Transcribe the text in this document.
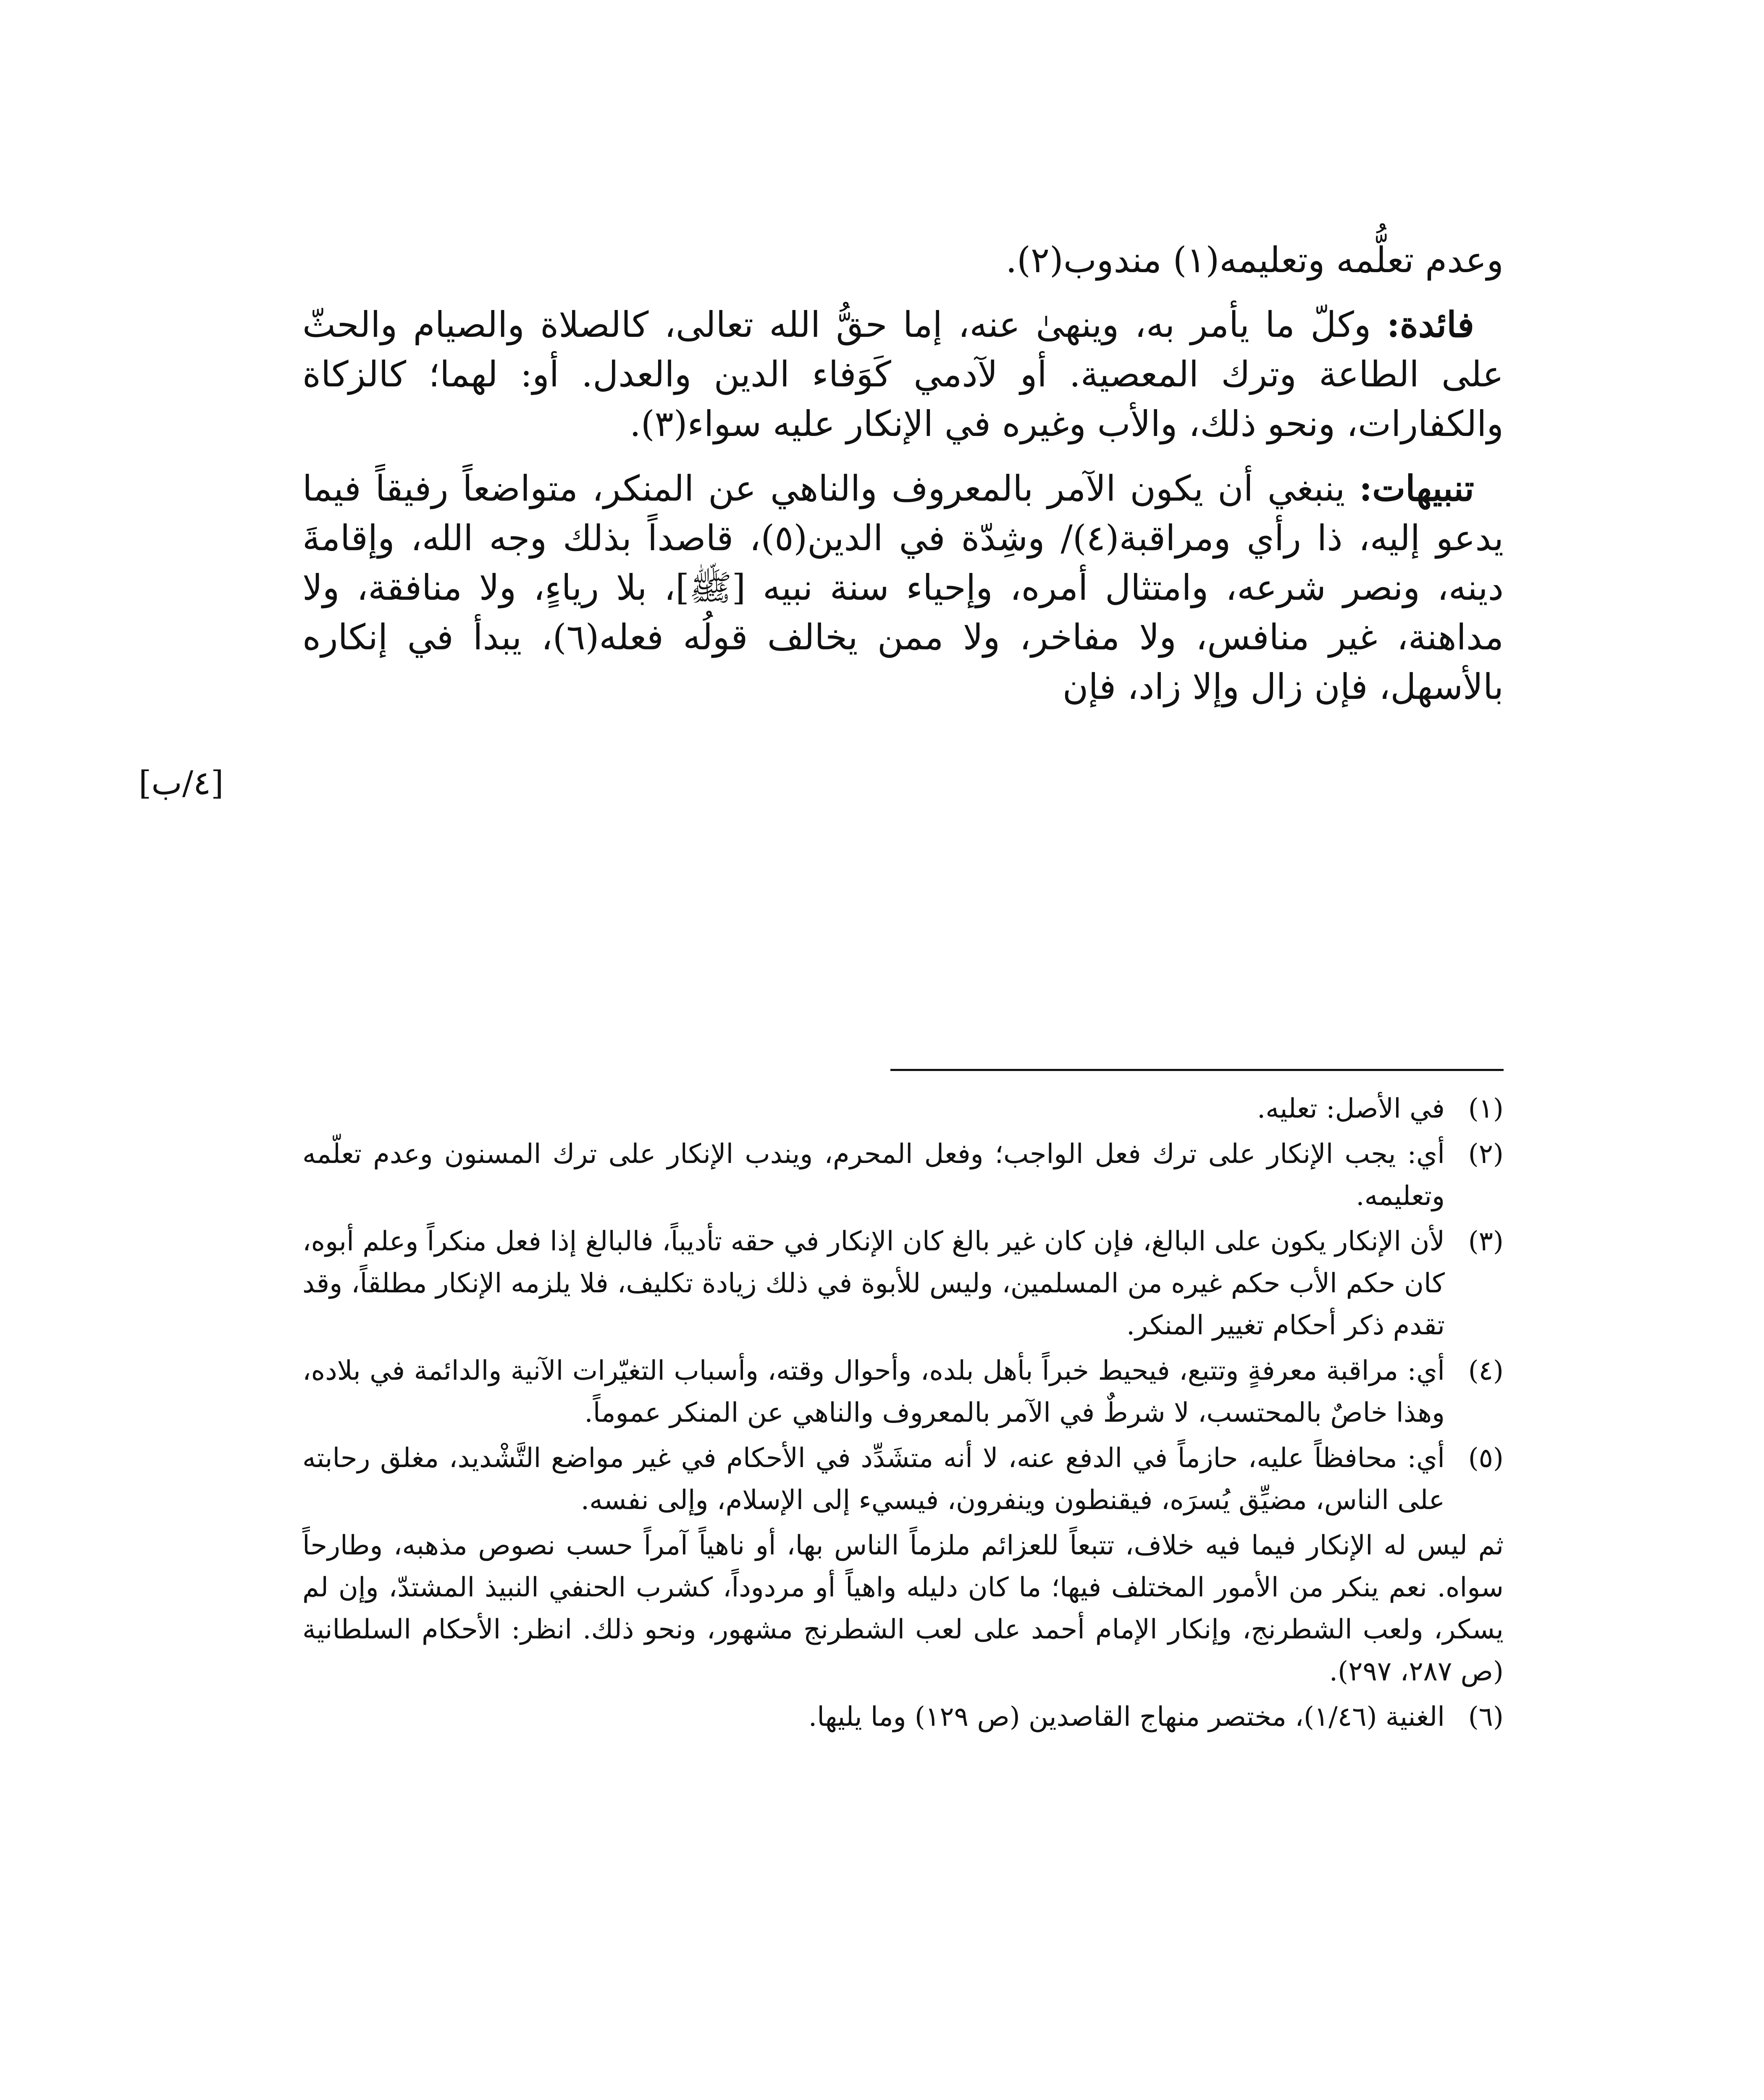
وعدم تعلُّمه وتعليمه(١) مندوب(٢).

فائدة: وكلّ ما يأمر به، وينهىٰ عنه، إما حقُّ الله تعالى، كالصلاة والصيام والحثّ على الطاعة وترك المعصية. أو لآدمي كَوَفاء الدين والعدل. أو: لهما؛ كالزكاة والكفارات، ونحو ذلك، والأب وغيره في الإنكار عليه سواء(٣).

تنبيهات: ينبغي أن يكون الآمر بالمعروف والناهي عن المنكر، متواضعاً رفيقاً فيما يدعو إليه، ذا رأي ومراقبة(٤)/ وشِدّة في الدين(٥)، قاصداً بذلك وجه الله، وإقامةَ دينه، ونصر شرعه، وامتثال أمره، وإحياء سنة نبيه [ﷺ]، بلا رياءٍ، ولا منافقة، ولا مداهنة، غير منافس، ولا مفاخر، ولا ممن يخالف قولُه فعله(٦)، يبدأ في إنكاره بالأسهل، فإن زال وإلا زاد، فإن

[٤/ب]

(١)في الأصل: تعليه.

(٢)أي: يجب الإنكار على ترك فعل الواجب؛ وفعل المحرم، ويندب الإنكار على ترك المسنون وعدم تعلّمه وتعليمه.

(٣)لأن الإنكار يكون على البالغ، فإن كان غير بالغ كان الإنكار في حقه تأديباً، فالبالغ إذا فعل منكراً وعلم أبوه، كان حكم الأب حكم غيره من المسلمين، وليس للأبوة في ذلك زيادة تكليف، فلا يلزمه الإنكار مطلقاً، وقد تقدم ذكر أحكام تغيير المنكر.

(٤)أي: مراقبة معرفةٍ وتتبع، فيحيط خبراً بأهل بلده، وأحوال وقته، وأسباب التغيّرات الآنية والدائمة في بلاده، وهذا خاصٌ بالمحتسب، لا شرطٌ في الآمر بالمعروف والناهي عن المنكر عموماً.

(٥)أي: محافظاً عليه، حازماً في الدفع عنه، لا أنه متشَدِّد في الأحكام في غير مواضع التَّشْديد، مغلق رحابته على الناس، مضيِّق يُسرَه، فيقنطون وينفرون، فيسيء إلى الإسلام، وإلى نفسه.

ثم ليس له الإنكار فيما فيه خلاف، تتبعاً للعزائم ملزماً الناس بها، أو ناهياً آمراً حسب نصوص مذهبه، وطارحاً سواه. نعم ينكر من الأمور المختلف فيها؛ ما كان دليله واهياً أو مردوداً، كشرب الحنفي النبيذ المشتدّ، وإن لم يسكر، ولعب الشطرنج، وإنكار الإمام أحمد على لعب الشطرنج مشهور، ونحو ذلك. انظر: الأحكام السلطانية (ص ٢٨٧، ٢٩٧).

(٦)الغنية (١/٤٦)، مختصر منهاج القاصدين (ص ١٢٩) وما يليها.
